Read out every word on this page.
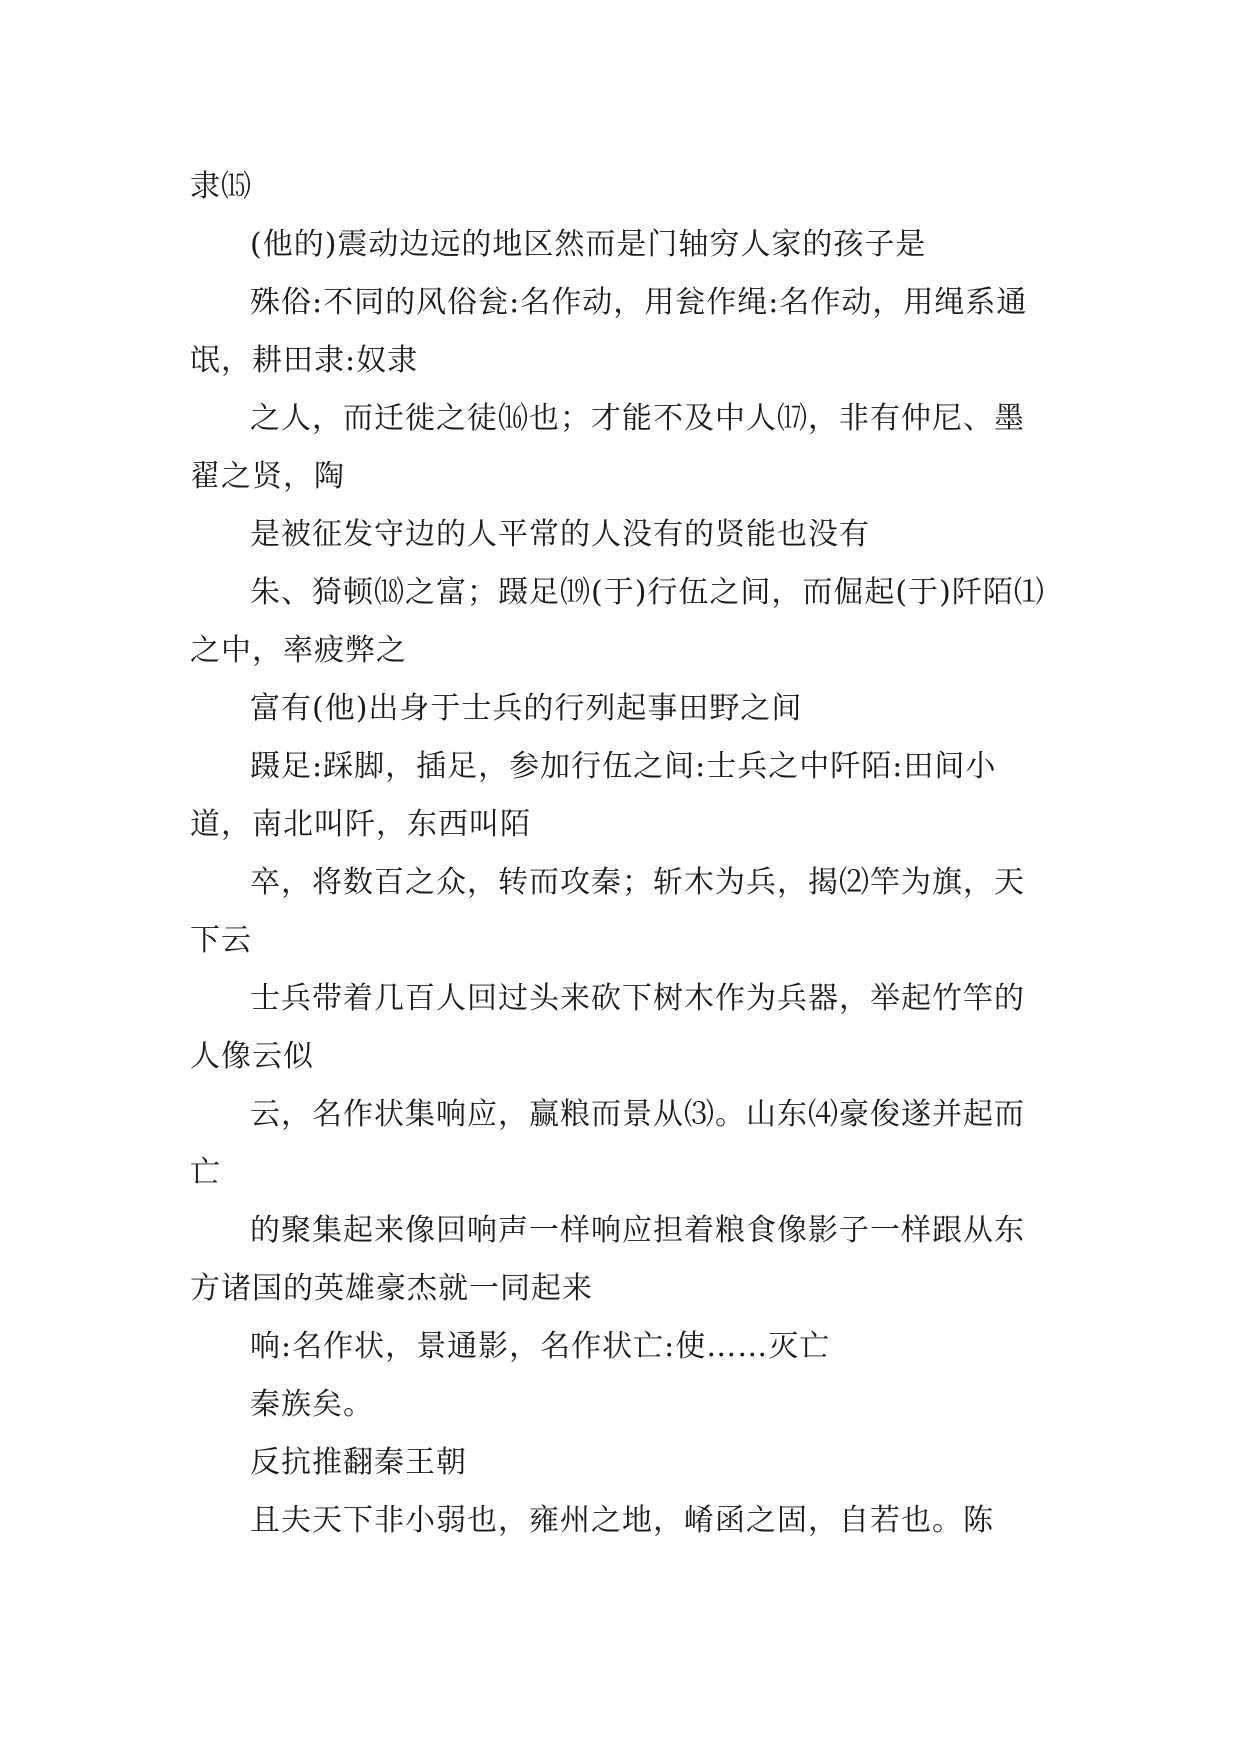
隶⒂

(他的)震动边远的地区然而是门轴穷人家的孩子是

殊俗:不同的风俗瓮:名作动，用瓮作绳:名作动，用绳系通氓，耕田隶:奴隶

之人，而迁徙之徒⒃也；才能不及中人⒄，非有仲尼、墨翟之贤，陶

是被征发守边的人平常的人没有的贤能也没有

朱、猗顿⒅之富；蹑足⒆(于)行伍之间，而倔起(于)阡陌⑴之中，率疲弊之

富有(他)出身于士兵的行列起事田野之间

蹑足:踩脚，插足，参加行伍之间:士兵之中阡陌:田间小道，南北叫阡，东西叫陌

卒，将数百之众，转而攻秦；斩木为兵，揭⑵竿为旗，天下云

士兵带着几百人回过头来砍下树木作为兵器，举起竹竿的人像云似

云，名作状集响应，赢粮而景从⑶。山东⑷豪俊遂并起而亡

的聚集起来像回响声一样响应担着粮食像影子一样跟从东方诸国的英雄豪杰就一同起来

响:名作状，景通影，名作状亡:使……灭亡

秦族矣。

反抗推翻秦王朝

且夫天下非小弱也，雍州之地，崤函之固，自若也。陈
